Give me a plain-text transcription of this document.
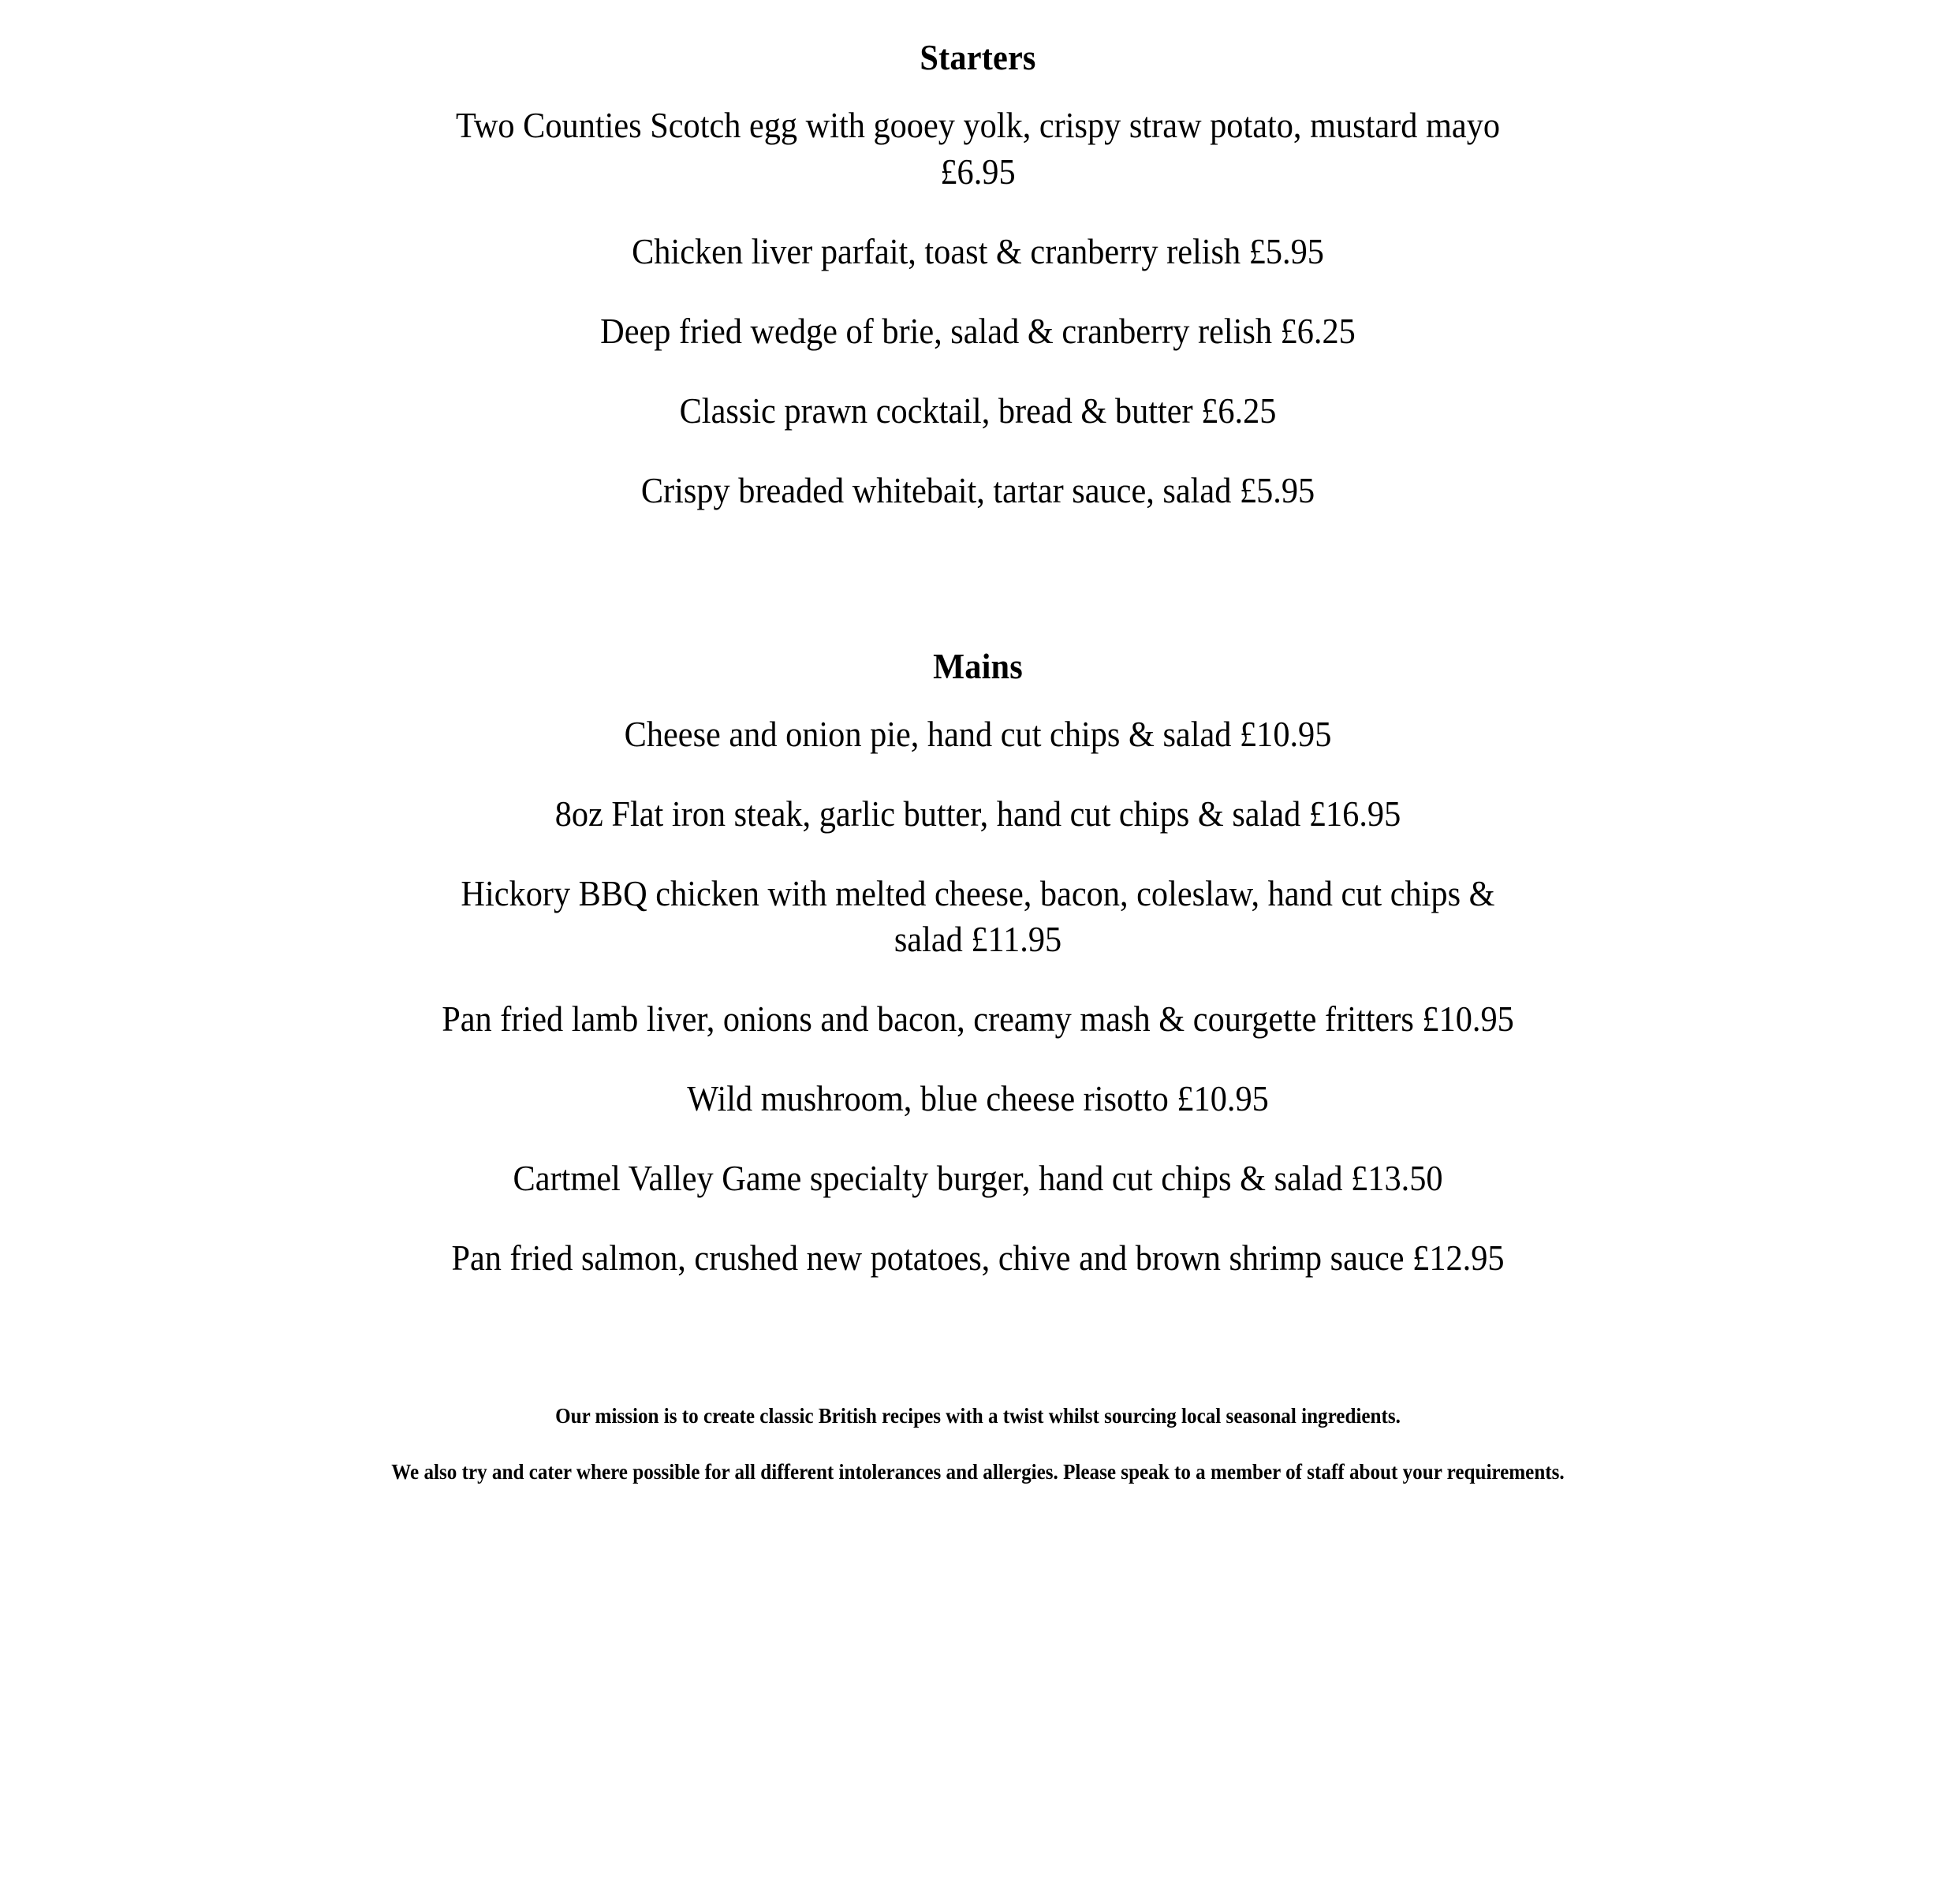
Starters

Two Counties Scotch egg with gooey yolk, crispy straw potato, mustard mayo
£6.95

Chicken liver parfait, toast & cranberry relish £5.95

Deep fried wedge of brie, salad & cranberry relish £6.25

Classic prawn cocktail, bread & butter £6.25

Crispy breaded whitebait, tartar sauce, salad £5.95

Mains

Cheese and onion pie, hand cut chips & salad £10.95

8oz Flat iron steak, garlic butter, hand cut chips & salad £16.95

Hickory BBQ chicken with melted cheese, bacon, coleslaw, hand cut chips &
salad £11.95

Pan fried lamb liver, onions and bacon, creamy mash & courgette fritters £10.95

Wild mushroom, blue cheese risotto £10.95

Cartmel Valley Game specialty burger, hand cut chips & salad £13.50

Pan fried salmon, crushed new potatoes, chive and brown shrimp sauce £12.95

Our mission is to create classic British recipes with a twist whilst sourcing local seasonal ingredients.

We also try and cater where possible for all different intolerances and allergies. Please speak to a member of staff about your requirements.
